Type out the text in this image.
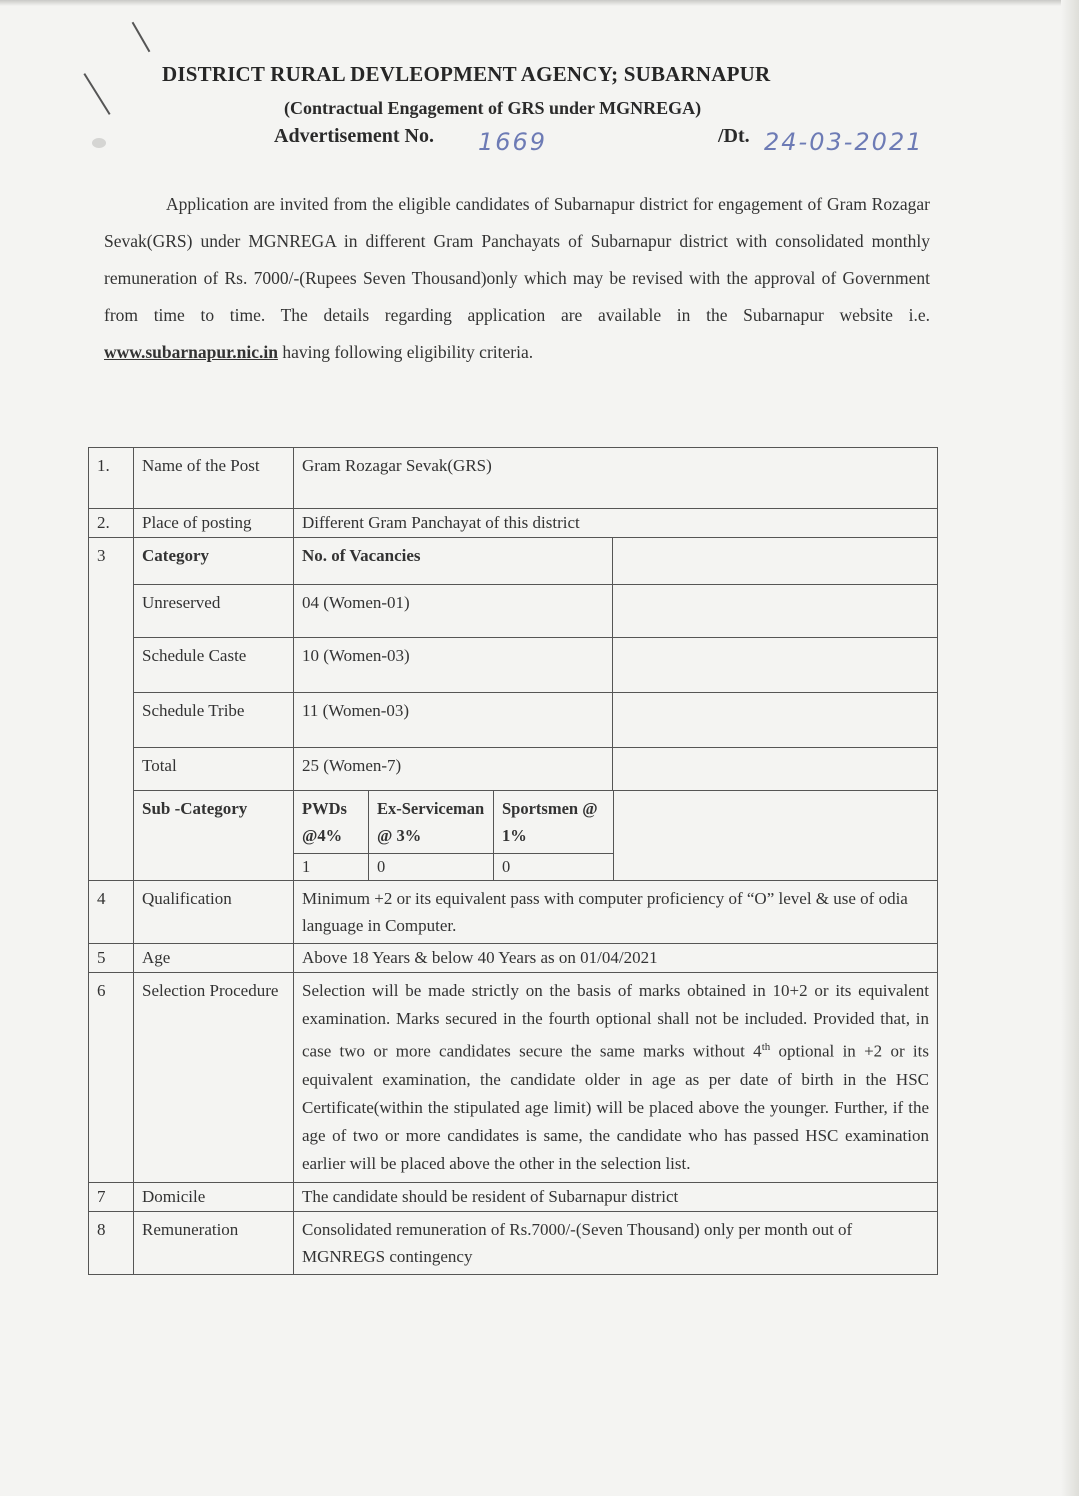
DISTRICT RURAL DEVLEOPMENT AGENCY; SUBARNAPUR
(Contractual Engagement of GRS under MGNREGA)
Advertisement No. 1669	/Dt. 24-03-2021

Application are invited from the eligible candidates of Subarnapur district for engagement of Gram Rozagar Sevak(GRS) under MGNREGA in different Gram Panchayats of Subarnapur district with consolidated monthly remuneration of Rs. 7000/-(Rupees Seven Thousand)only which may be revised with the approval of Government from time to time. The details regarding application are available in the Subarnapur website i.e. www.subarnapur.nic.in having following eligibility criteria.

1.	Name of the Post	Gram Rozagar Sevak(GRS)
2.	Place of posting	Different Gram Panchayat of this district
3	Category	No. of Vacancies	
Unreserved	04 (Women-01)	
Schedule Caste	10 (Women-03)	
Schedule Tribe	11 (Women-03)	
Total	25 (Women-7)	
Sub -Category		PWDs @4%	Ex-Serviceman @ 3%	Sportsmen @ 1%
1	0	0

4	Qualification	Minimum +2 or its equivalent pass with computer proficiency of “O” level & use of odia language in Computer.
5	Age	Above 18 Years & below 40 Years as on 01/04/2021
6	Selection Procedure	Selection will be made strictly on the basis of marks obtained in 10+2 or its equivalent examination. Marks secured in the fourth optional shall not be included. Provided that, in case two or more candidates secure the same marks without 4th optional in +2 or its equivalent examination, the candidate older in age as per date of birth in the HSC Certificate(within the stipulated age limit) will be placed above the younger. Further, if the age of two or more candidates is same, the candidate who has passed HSC examination earlier will be placed above the other in the selection list.
7	Domicile	The candidate should be resident of Subarnapur district
8	Remuneration	Consolidated remuneration of Rs.7000/-(Seven Thousand) only per month out of MGNREGS contingency
